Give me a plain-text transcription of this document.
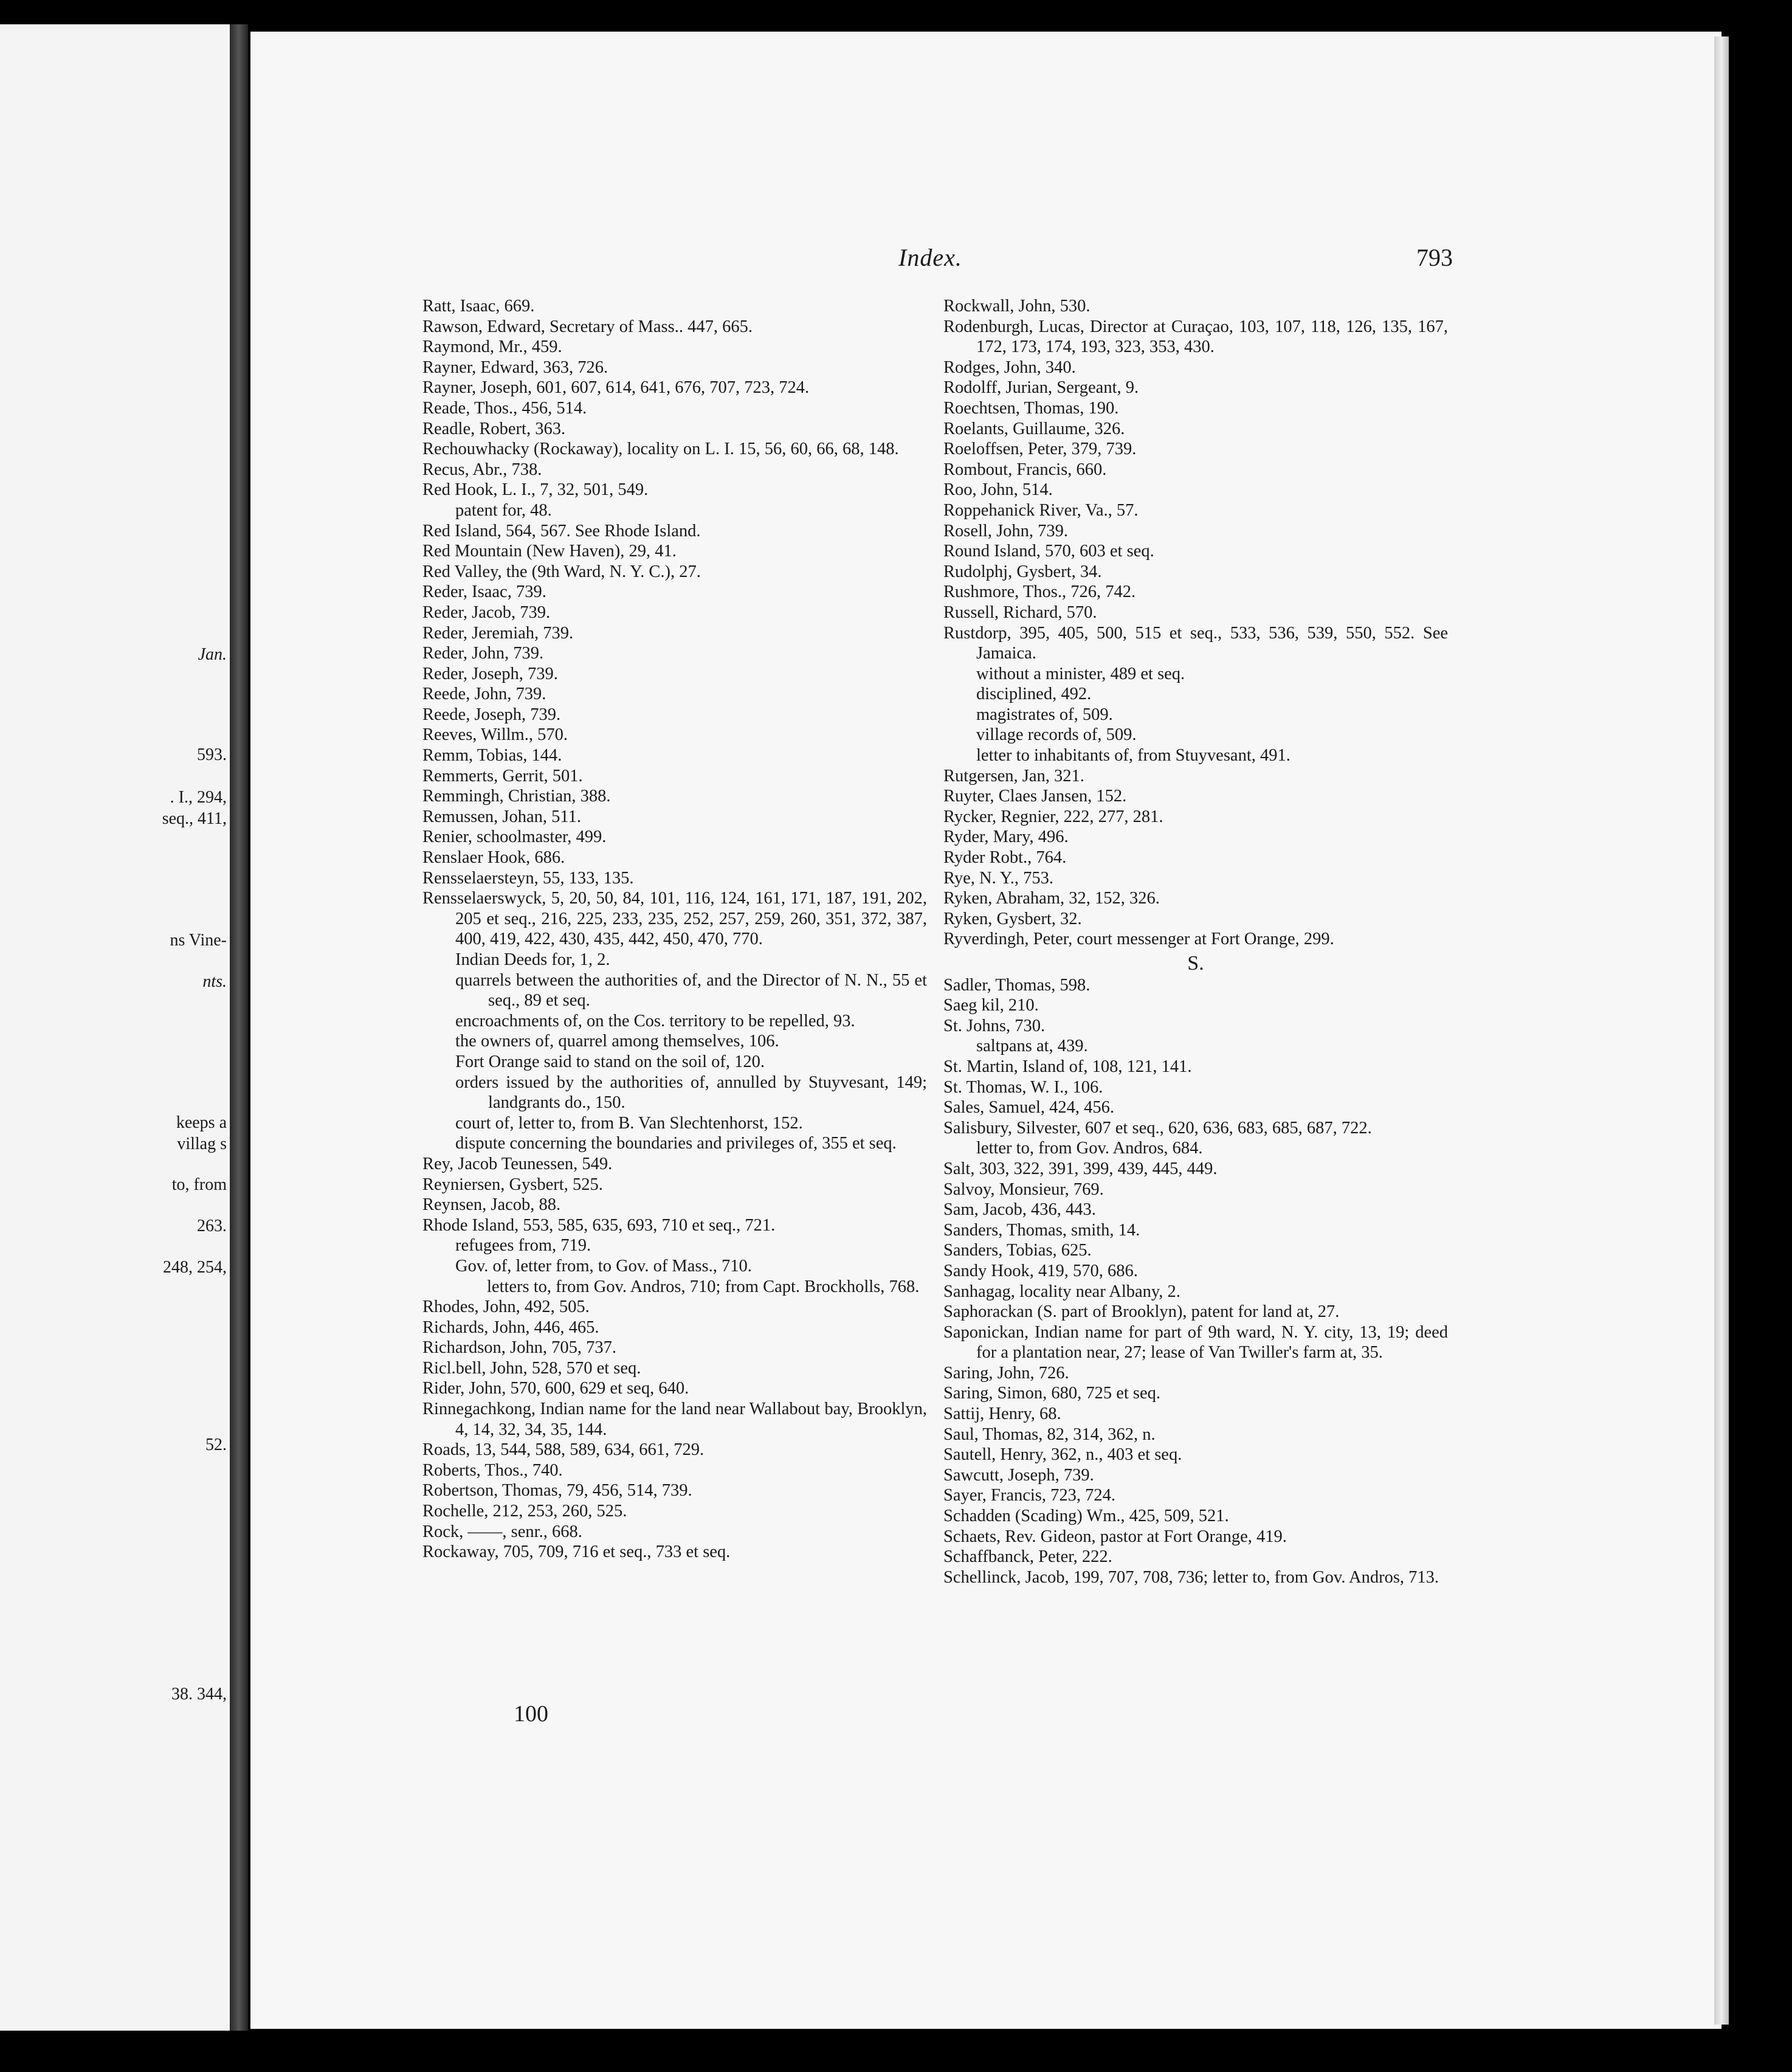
Jan.
593.
. I., 294,
seq., 411,
ns Vine-
nts.
keeps a
villag s
to, from
263.
248, 254,
52.
38. 344,
Index.	793
Ratt, Isaac, 669.
Rawson, Edward, Secretary of Mass.. 447, 665.
Raymond, Mr., 459.
Rayner, Edward, 363, 726.
Rayner, Joseph, 601, 607, 614, 641, 676, 707, 723, 724.
Reade, Thos., 456, 514.
Readle, Robert, 363.
Rechouwhacky (Rockaway), locality on L. I. 15, 56, 60, 66, 68, 148.
Recus, Abr., 738.
Red Hook, L. I., 7, 32, 501, 549.
patent for, 48.
Red Island, 564, 567. See Rhode Island.
Red Mountain (New Haven), 29, 41.
Red Valley, the (9th Ward, N. Y. C.), 27.
Reder, Isaac, 739.
Reder, Jacob, 739.
Reder, Jeremiah, 739.
Reder, John, 739.
Reder, Joseph, 739.
Reede, John, 739.
Reede, Joseph, 739.
Reeves, Willm., 570.
Remm, Tobias, 144.
Remmerts, Gerrit, 501.
Remmingh, Christian, 388.
Remussen, Johan, 511.
Renier, schoolmaster, 499.
Renslaer Hook, 686.
Rensselaersteyn, 55, 133, 135.
Rensselaerswyck, 5, 20, 50, 84, 101, 116, 124, 161, 171, 187, 191, 202, 205 et seq., 216, 225, 233, 235, 252, 257, 259, 260, 351, 372, 387, 400, 419, 422, 430, 435, 442, 450, 470, 770.
Indian Deeds for, 1, 2.
quarrels between the authorities of, and the Director of N. N., 55 et seq., 89 et seq.
encroachments of, on the Cos. territory to be repelled, 93.
the owners of, quarrel among themselves, 106.
Fort Orange said to stand on the soil of, 120.
orders issued by the authorities of, annulled by Stuyvesant, 149; landgrants do., 150.
court of, letter to, from B. Van Slechtenhorst, 152.
dispute concerning the boundaries and privileges of, 355 et seq.
Rey, Jacob Teunessen, 549.
Reyniersen, Gysbert, 525.
Reynsen, Jacob, 88.
Rhode Island, 553, 585, 635, 693, 710 et seq., 721.
refugees from, 719.
Gov. of, letter from, to Gov. of Mass., 710.
letters to, from Gov. Andros, 710; from Capt. Brockholls, 768.
Rhodes, John, 492, 505.
Richards, John, 446, 465.
Richardson, John, 705, 737.
Ricl.bell, John, 528, 570 et seq.
Rider, John, 570, 600, 629 et seq, 640.
Rinnegachkong, Indian name for the land near Wallabout bay, Brooklyn, 4, 14, 32, 34, 35, 144.
Roads, 13, 544, 588, 589, 634, 661, 729.
Roberts, Thos., 740.
Robertson, Thomas, 79, 456, 514, 739.
Rochelle, 212, 253, 260, 525.
Rock, ——, senr., 668.
Rockaway, 705, 709, 716 et seq., 733 et seq.
Rockwall, John, 530.
Rodenburgh, Lucas, Director at Curaçao, 103, 107, 118, 126, 135, 167, 172, 173, 174, 193, 323, 353, 430.
Rodges, John, 340.
Rodolff, Jurian, Sergeant, 9.
Roechtsen, Thomas, 190.
Roelants, Guillaume, 326.
Roeloffsen, Peter, 379, 739.
Rombout, Francis, 660.
Roo, John, 514.
Roppehanick River, Va., 57.
Rosell, John, 739.
Round Island, 570, 603 et seq.
Rudolphj, Gysbert, 34.
Rushmore, Thos., 726, 742.
Russell, Richard, 570.
Rustdorp, 395, 405, 500, 515 et seq., 533, 536, 539, 550, 552. See Jamaica.
without a minister, 489 et seq.
disciplined, 492.
magistrates of, 509.
village records of, 509.
letter to inhabitants of, from Stuyvesant, 491.
Rutgersen, Jan, 321.
Ruyter, Claes Jansen, 152.
Rycker, Regnier, 222, 277, 281.
Ryder, Mary, 496.
Ryder Robt., 764.
Rye, N. Y., 753.
Ryken, Abraham, 32, 152, 326.
Ryken, Gysbert, 32.
Ryverdingh, Peter, court messenger at Fort Orange, 299.
S.
Sadler, Thomas, 598.
Saeg kil, 210.
St. Johns, 730.
saltpans at, 439.
St. Martin, Island of, 108, 121, 141.
St. Thomas, W. I., 106.
Sales, Samuel, 424, 456.
Salisbury, Silvester, 607 et seq., 620, 636, 683, 685, 687, 722.
letter to, from Gov. Andros, 684.
Salt, 303, 322, 391, 399, 439, 445, 449.
Salvoy, Monsieur, 769.
Sam, Jacob, 436, 443.
Sanders, Thomas, smith, 14.
Sanders, Tobias, 625.
Sandy Hook, 419, 570, 686.
Sanhagag, locality near Albany, 2.
Saphorackan (S. part of Brooklyn), patent for land at, 27.
Saponickan, Indian name for part of 9th ward, N. Y. city, 13, 19; deed for a plantation near, 27; lease of Van Twiller's farm at, 35.
Saring, John, 726.
Saring, Simon, 680, 725 et seq.
Sattij, Henry, 68.
Saul, Thomas, 82, 314, 362, n.
Sautell, Henry, 362, n., 403 et seq.
Sawcutt, Joseph, 739.
Sayer, Francis, 723, 724.
Schadden (Scading) Wm., 425, 509, 521.
Schaets, Rev. Gideon, pastor at Fort Orange, 419.
Schaffbanck, Peter, 222.
Schellinck, Jacob, 199, 707, 708, 736; letter to, from Gov. Andros, 713.
100
